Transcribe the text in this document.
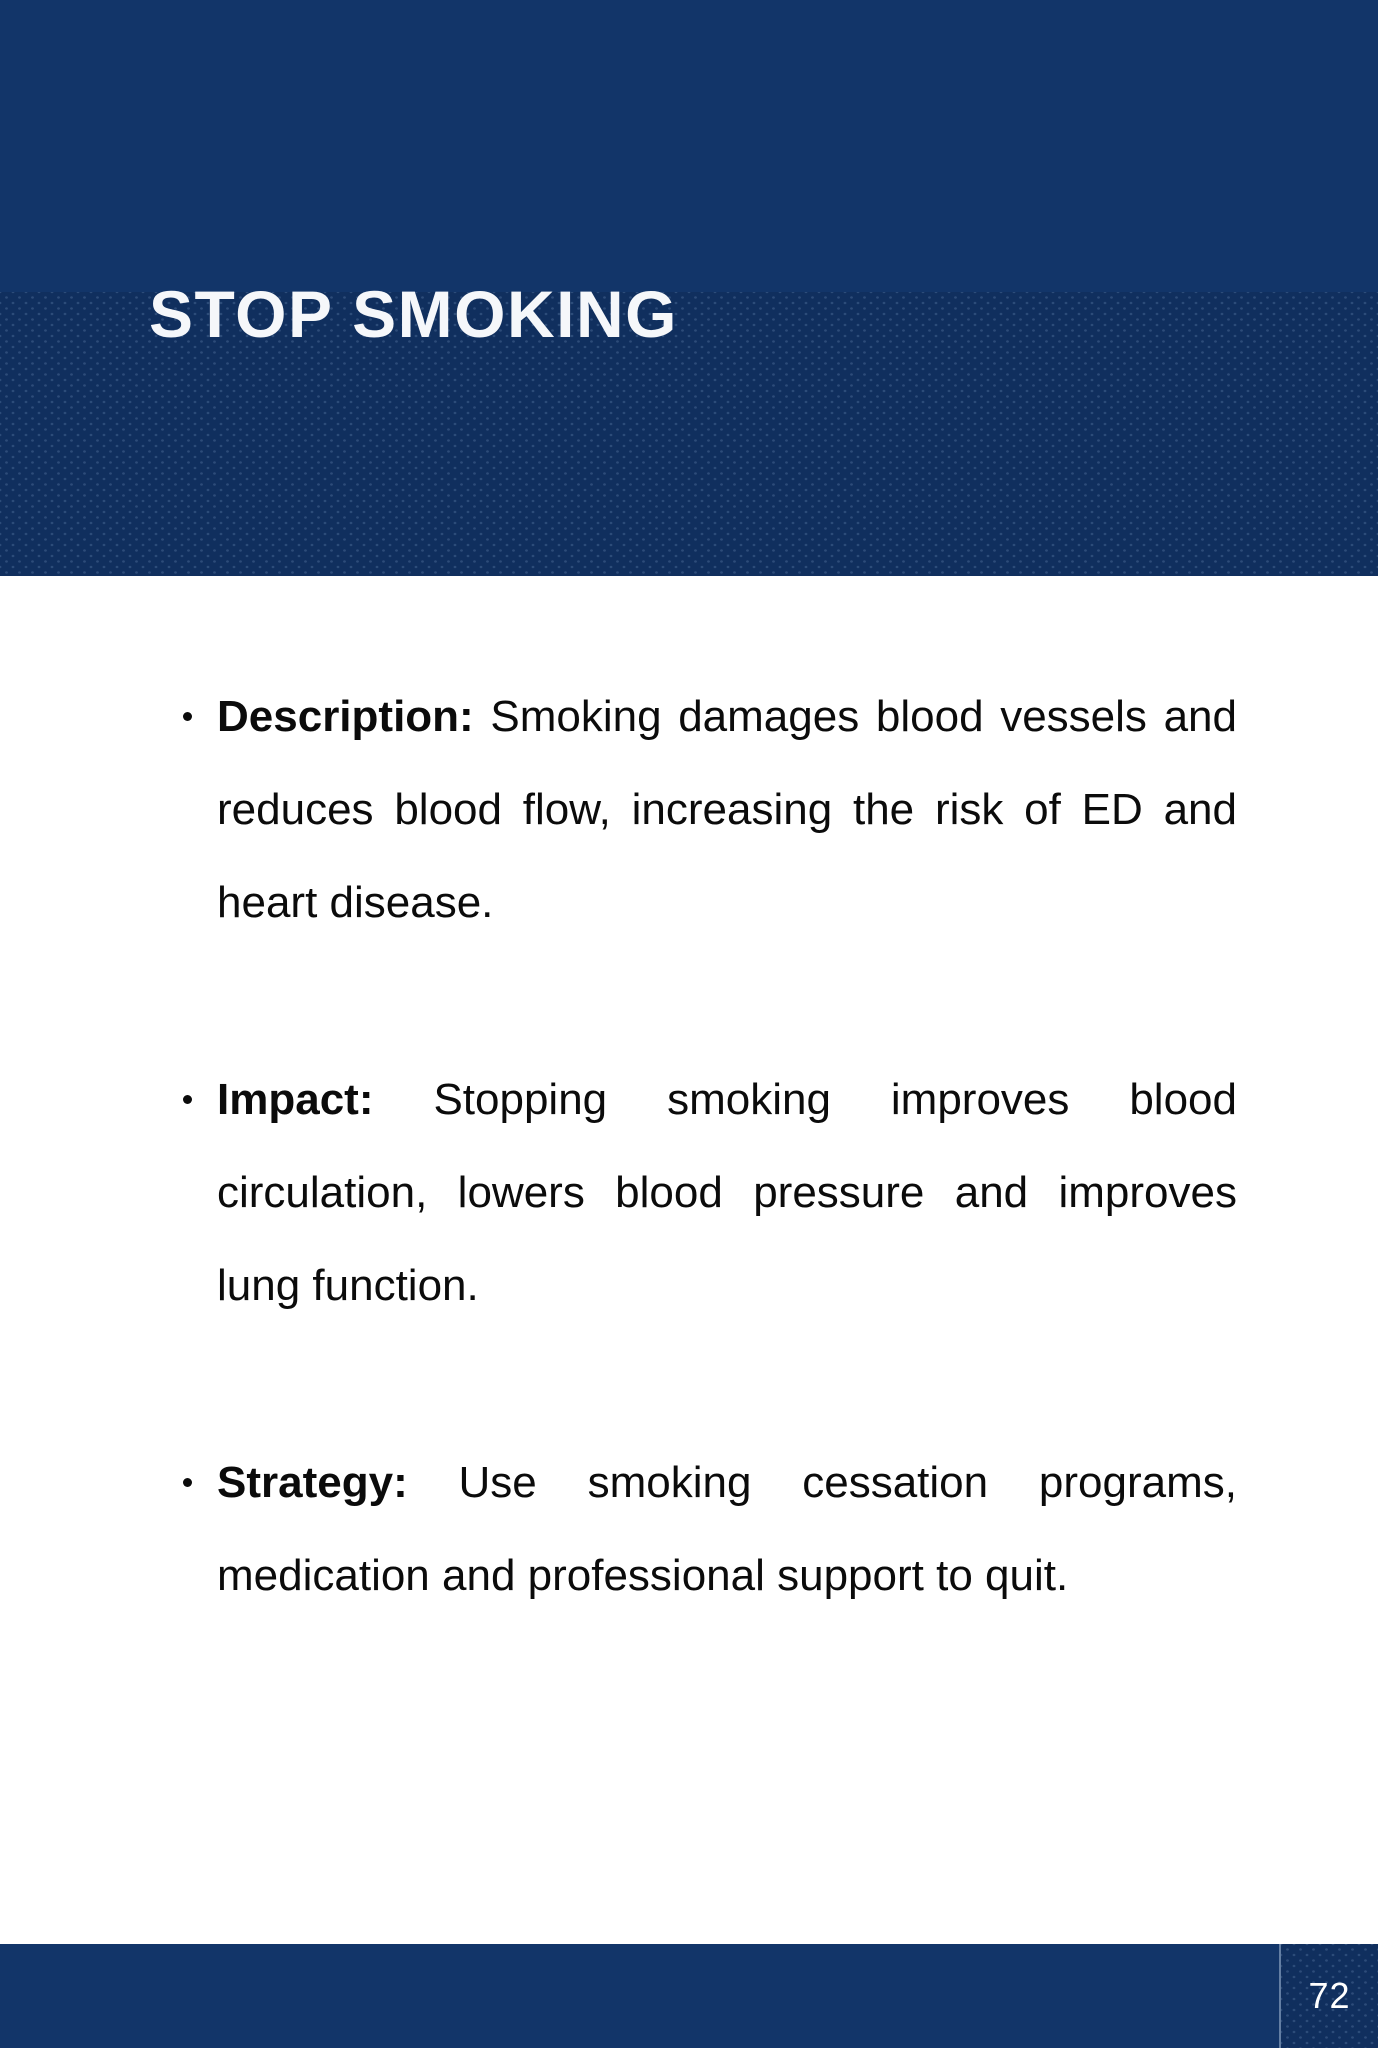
STOP SMOKING
Description: Smoking damages blood vessels and
reduces blood flow, increasing the risk of ED and
heart disease.
Impact: Stopping smoking improves blood
circulation, lowers blood pressure and improves
lung function.
Strategy: Use smoking cessation programs,
medication and professional support to quit.
72
